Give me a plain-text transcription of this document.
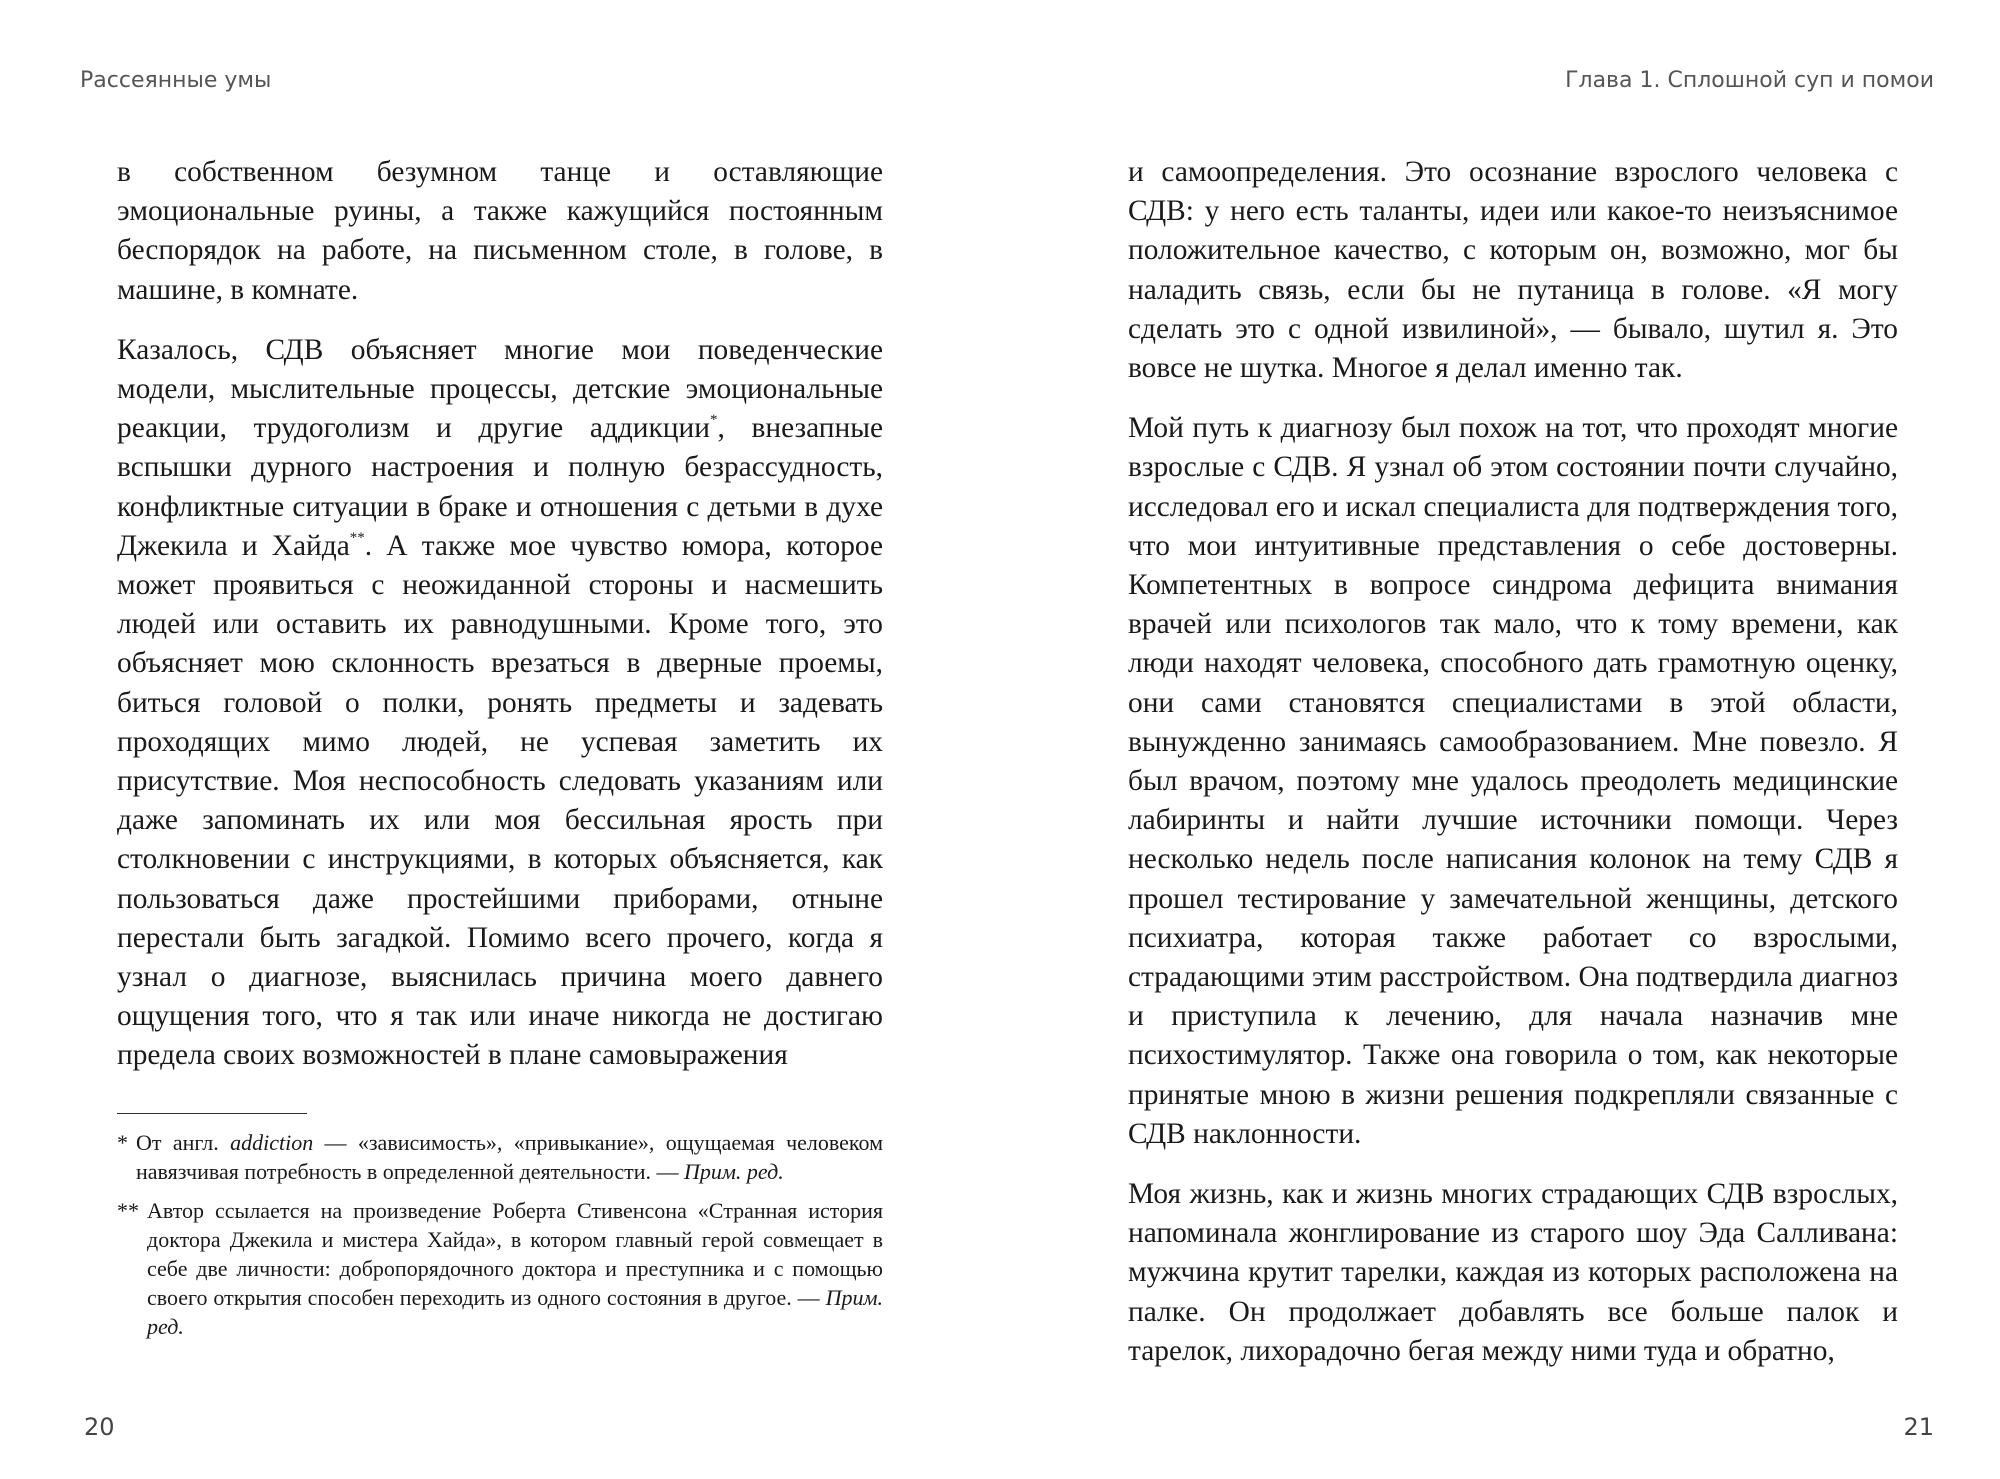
Рассеянные умы

в собственном безумном танце и оставляющие эмоциональные руины, а также кажущийся постоянным беспорядок на работе, на письменном столе, в голове, в машине, в комнате.

Казалось, СДВ объясняет многие мои поведенческие модели, мыслительные процессы, детские эмоциональные реакции, трудоголизм и другие аддикции*, внезапные вспышки дурного настроения и полную безрассудность, конфликтные ситуации в браке и отношения с детьми в духе Джекила и Хайда**. А также мое чувство юмора, которое может проявиться с неожиданной стороны и насмешить людей или оставить их равнодушными. Кроме того, это объясняет мою склонность врезаться в дверные проемы, биться головой о полки, ронять предметы и задевать проходящих мимо людей, не успевая заметить их присутствие. Моя неспособность следовать указаниям или даже запоминать их или моя бессильная ярость при столкновении с инструкциями, в которых объясняется, как пользоваться даже простейшими приборами, отныне перестали быть загадкой. Помимо всего прочего, когда я узнал о диагнозе, выяснилась причина моего давнего ощущения того, что я так или иначе никогда не достигаю предела своих возможностей в плане самовыражения

* От англ. addiction — «зависимость», «привыкание», ощущаемая человеком навязчивая потребность в определенной деятельности. — Прим. ред.
** Автор ссылается на произведение Роберта Стивенсона «Странная история доктора Джекила и мистера Хайда», в котором главный герой совмещает в себе две личности: добропорядочного доктора и преступника и с помощью своего открытия способен переходить из одного состояния в другое. — Прим. ред.
20
Глава 1. Сплошной суп и помои

и самоопределения. Это осознание взрослого человека с СДВ: у него есть таланты, идеи или какое-то неизъяснимое положительное качество, с которым он, возможно, мог бы наладить связь, если бы не путаница в голове. «Я могу сделать это с одной извилиной», — бывало, шутил я. Это вовсе не шутка. Многое я делал именно так.

Мой путь к диагнозу был похож на тот, что проходят многие взрослые с СДВ. Я узнал об этом состоянии почти случайно, исследовал его и искал специалиста для подтверждения того, что мои интуитивные представления о себе достоверны. Компетентных в вопросе синдрома дефицита внимания врачей или психологов так мало, что к тому времени, как люди находят человека, способного дать грамотную оценку, они сами становятся специалистами в этой области, вынужденно занимаясь самообразованием. Мне повезло. Я был врачом, поэтому мне удалось преодолеть медицинские лабиринты и найти лучшие источники помощи. Через несколько недель после написания колонок на тему СДВ я прошел тестирование у замечательной женщины, детского психиатра, которая также работает со взрослыми, страдающими этим расстройством. Она подтвердила диагноз и приступила к лечению, для начала назначив мне психостимулятор. Также она говорила о том, как некоторые принятые мною в жизни решения подкрепляли связанные с СДВ наклонности.

Моя жизнь, как и жизнь многих страдающих СДВ взрослых, напоминала жонглирование из старого шоу Эда Салливана: мужчина крутит тарелки, каждая из которых расположена на палке. Он продолжает добавлять все больше палок и тарелок, лихорадочно бегая между ними туда и обратно,

21
